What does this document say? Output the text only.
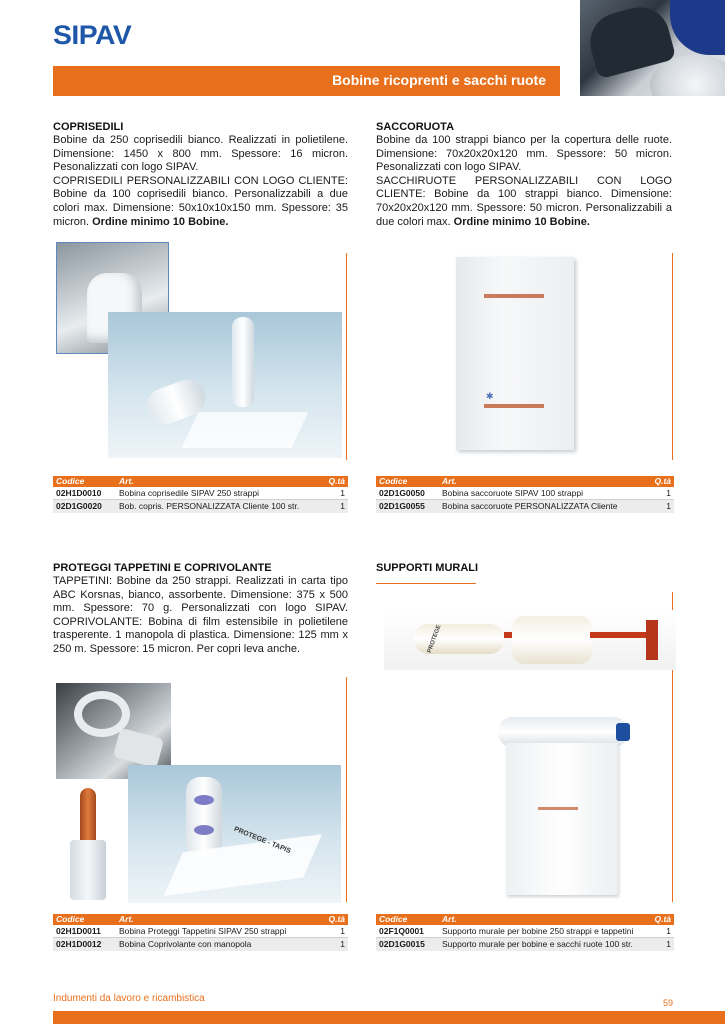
SIPAV
Bobine ricoprenti e sacchi ruote
COPRISEDILI
Bobine da 250 coprisedili bianco. Realizzati in polietilene. Dimensione: 1450 x 800 mm. Spessore: 16 micron. Pesonalizzati con logo SIPAV.
COPRISEDILI PERSONALIZZABILI CON LOGO CLIENTE: Bobine da 100 coprisedili bianco. Personalizzabili a due colori max. Dimensione: 50x10x10x150 mm. Spessore: 35 micron. Ordine minimo 10 Bobine.
Codice	Art.	Q.tà
02H1D0010	Bobina coprisedile SIPAV 250 strappi	1
02D1G0020	Bob. copris. PERSONALIZZATA Cliente 100 str.	1
SACCORUOTA
Bobine da 100 strappi bianco per la copertura delle ruote. Dimensione: 70x20x20x120 mm. Spessore: 50 micron. Pesonalizzati con logo SIPAV.
SACCHIRUOTE PERSONALIZZABILI CON LOGO CLIENTE: Bobine da 100 strappi bianco. Dimensione: 70x20x20x120 mm. Spessore: 50 micron. Personalizzabili a due colori max. Ordine minimo 10 Bobine.
✱
Codice	Art.	Q.tà
02D1G0050	Bobina saccoruote SIPAV 100 strappi	1
02D1G0055	Bobina saccoruote PERSONALIZZATA Cliente	1
PROTEGGI TAPPETINI E COPRIVOLANTE
TAPPETINI: Bobine da 250 strappi. Realizzati in carta tipo ABC Korsnas, bianco, assorbente. Dimensione: 375 x 500 mm. Spessore: 70 g. Personalizzati con logo SIPAV. COPRIVOLANTE: Bobina di film estensibile in polietilene trasperente. 1 manopola di plastica. Dimensione: 125 mm x 250 m. Spessore: 15 micron. Per copri leva anche.
PROTEGE - TAPIS
Codice	Art.	Q.tà
02H1D0011	Bobina Proteggi Tappetini SIPAV 250 strappi	1
02H1D0012	Bobina Coprivolante con manopola	1
SUPPORTI MURALI
PROTEGE
Codice	Art.	Q.tà
02F1Q0001	Supporto murale per bobine 250 strappi e tappetini	1
02D1G0015	Supporto murale per bobine e sacchi ruote 100 str.	1
Indumenti da lavoro e ricambistica	59
